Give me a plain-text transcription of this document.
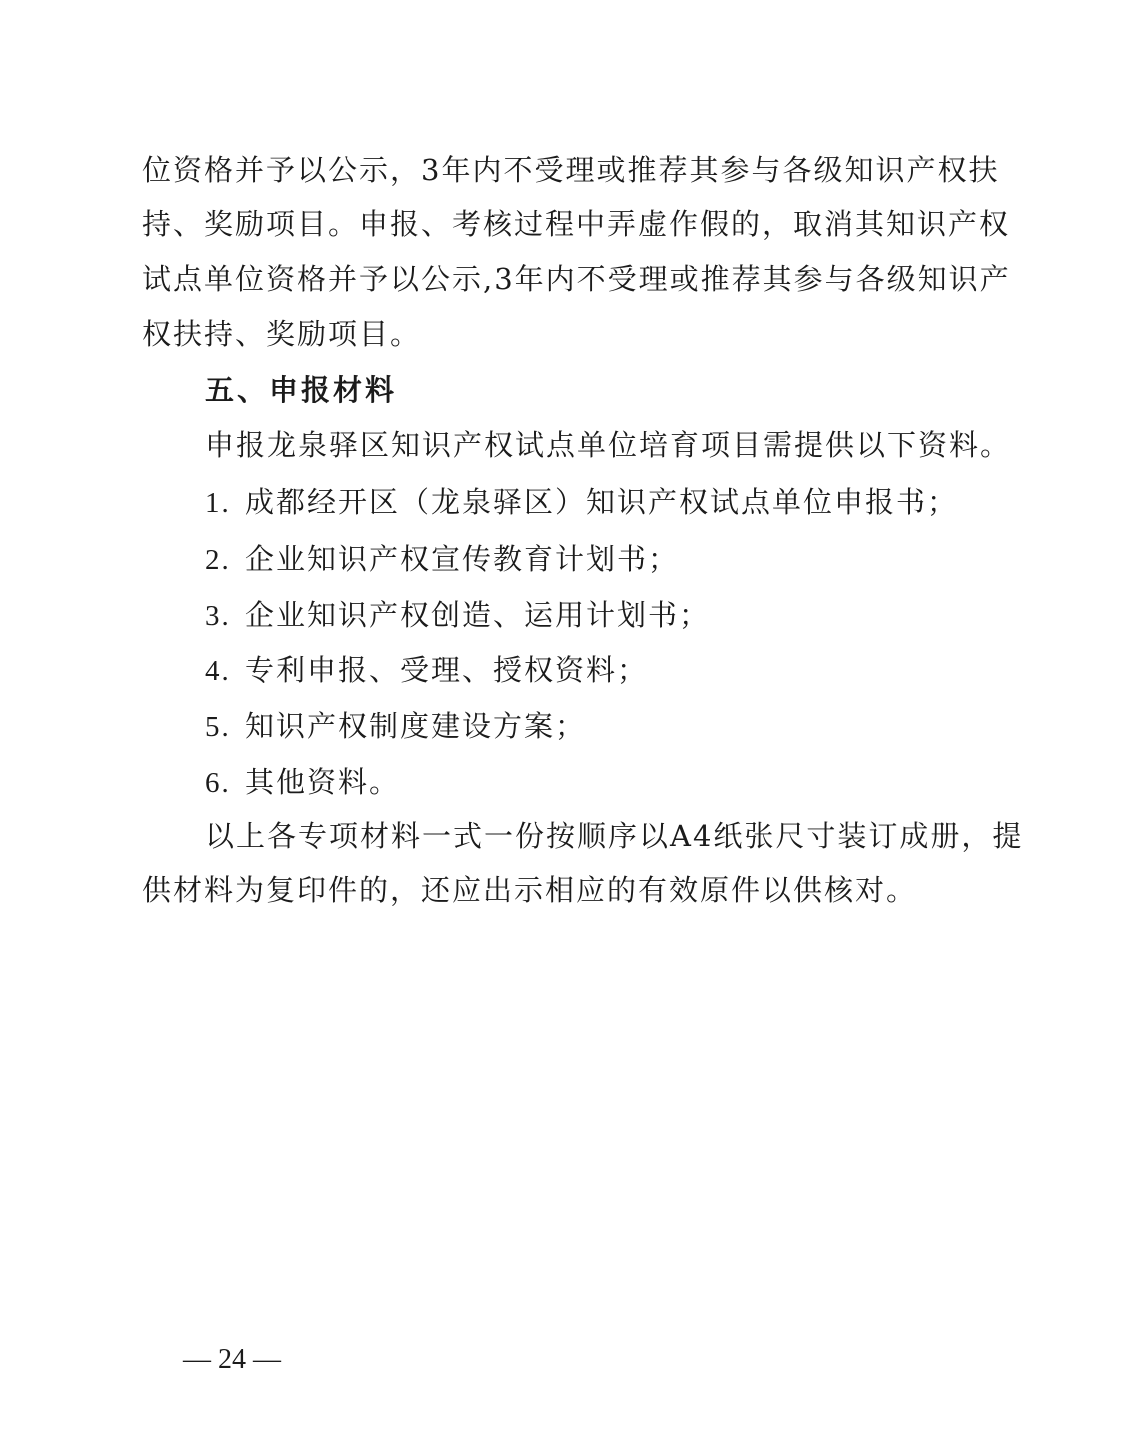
位资格并予以公示，3年内不受理或推荐其参与各级知识产权扶
持、奖励项目。申报、考核过程中弄虚作假的，取消其知识产权
试点单位资格并予以公示,3年内不受理或推荐其参与各级知识产
权扶持、奖励项目。
五、申报材料
申报龙泉驿区知识产权试点单位培育项目需提供以下资料。
1. 成都经开区（龙泉驿区）知识产权试点单位申报书；
2. 企业知识产权宣传教育计划书；
3. 企业知识产权创造、运用计划书；
4. 专利申报、受理、授权资料；
5. 知识产权制度建设方案；
6. 其他资料。
以上各专项材料一式一份按顺序以A4纸张尺寸装订成册，提
供材料为复印件的，还应出示相应的有效原件以供核对。
— 24 —
